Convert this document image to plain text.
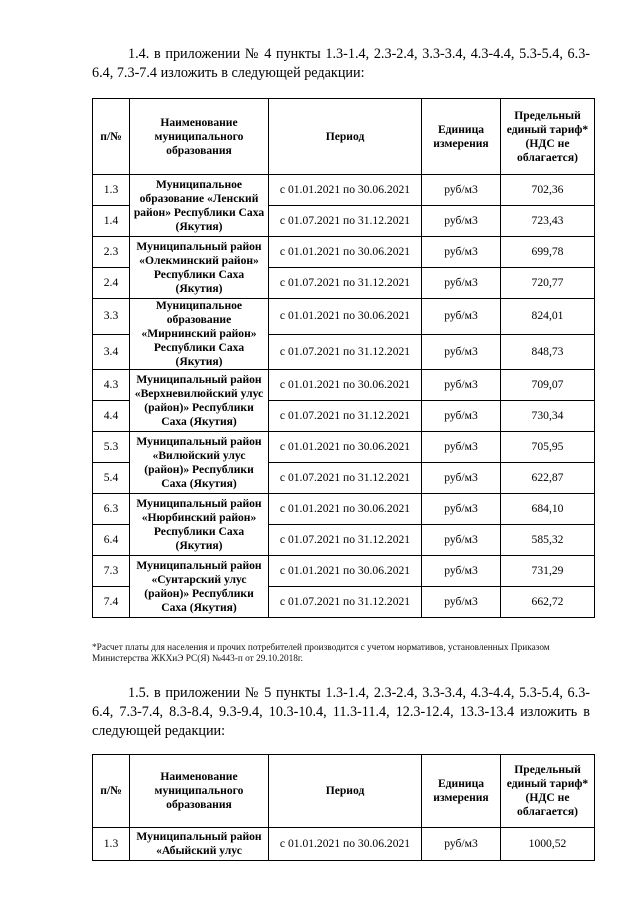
1.4. в приложении № 4 пункты 1.3-1.4, 2.3-2.4, 3.3-3.4, 4.3-4.4, 5.3-5.4, 6.3-6.4, 7.3-7.4 изложить в следующей редакции:
п/№	Наименование муниципального образования	Период	Единица измерения	Предельный единый тариф* (НДС не облагается)
1.3	Муниципальное образование «Ленский район» Республики Саха (Якутия)	с 01.01.2021 по 30.06.2021	руб/м3	702,36
1.4		с 01.07.2021 по 31.12.2021	руб/м3	723,43
2.3	Муниципальный район «Олекминский район» Республики Саха (Якутия)	с 01.01.2021 по 30.06.2021	руб/м3	699,78
2.4		с 01.07.2021 по 31.12.2021	руб/м3	720,77
3.3	Муниципальное образование «Мирнинский район» Республики Саха (Якутия)	с 01.01.2021 по 30.06.2021	руб/м3	824,01
3.4		с 01.07.2021 по 31.12.2021	руб/м3	848,73
4.3	Муниципальный район «Верхневилюйский улус (район)» Республики Саха (Якутия)	с 01.01.2021 по 30.06.2021	руб/м3	709,07
4.4		с 01.07.2021 по 31.12.2021	руб/м3	730,34
5.3	Муниципальный район «Вилюйский улус (район)» Республики Саха (Якутия)	с 01.01.2021 по 30.06.2021	руб/м3	705,95
5.4		с 01.07.2021 по 31.12.2021	руб/м3	622,87
6.3	Муниципальный район «Нюрбинский район» Республики Саха (Якутия)	с 01.01.2021 по 30.06.2021	руб/м3	684,10
6.4		с 01.07.2021 по 31.12.2021	руб/м3	585,32
7.3	Муниципальный район «Сунтарский улус (район)» Республики Саха (Якутия)	с 01.01.2021 по 30.06.2021	руб/м3	731,29
7.4		с 01.07.2021 по 31.12.2021	руб/м3	662,72
*Расчет платы для населения и прочих потребителей производится с учетом нормативов, установленных Приказом Министерства ЖКХиЭ РС(Я) №443-п от 29.10.2018г.
1.5. в приложении № 5 пункты 1.3-1.4, 2.3-2.4, 3.3-3.4, 4.3-4.4, 5.3-5.4, 6.3-6.4, 7.3-7.4, 8.3-8.4, 9.3-9.4, 10.3-10.4, 11.3-11.4, 12.3-12.4, 13.3-13.4 изложить в следующей редакции:
п/№	Наименование муниципального образования	Период	Единица измерения	Предельный единый тариф* (НДС не облагается)
1.3	Муниципальный район «Абыйский улус	с 01.01.2021 по 30.06.2021	руб/м3	1000,52
